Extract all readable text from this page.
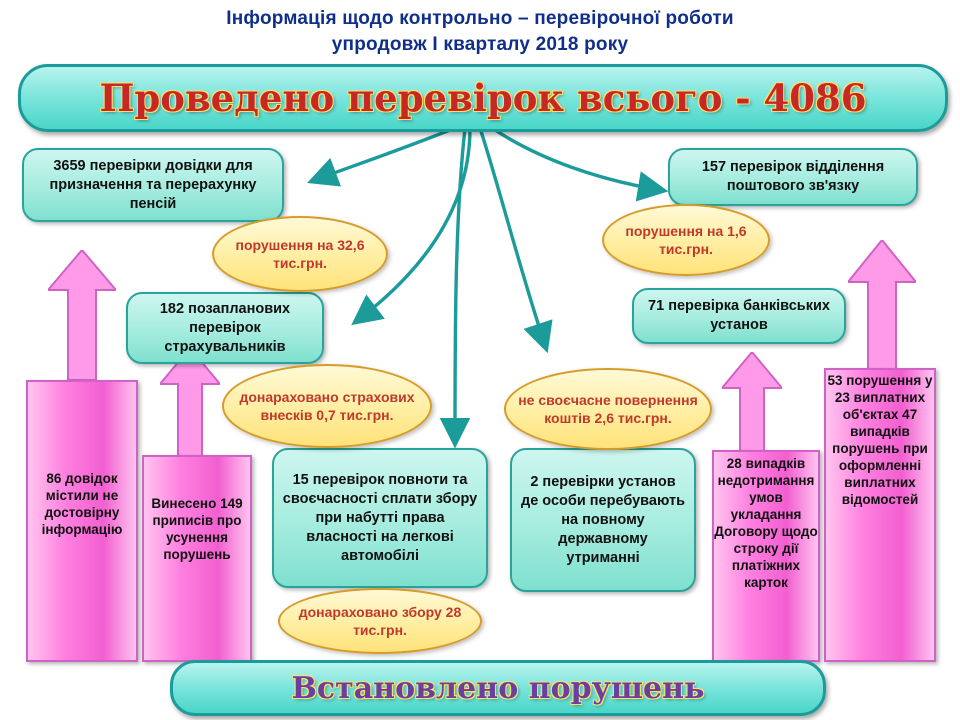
Інформація щодо контрольно – перевірочної роботи
упродовж І кварталу 2018 року
Проведено перевірок всього - 4086
86 довідок містили не достовірну інформацію
Винесено 149 приписів про усунення порушень
28 випадків недотримання умов укладання Договору щодо строку дії платіжних карток
53 порушення у 23 виплатних об'єктах 47 випадків порушень при оформленні виплатних відомостей
3659 перевірки довідки для призначення та перерахунку пенсій
157 перевірок відділення поштового зв'язку
182 позапланових перевірок страхувальників
71 перевірка банківських установ
15 перевірок повноти та своєчасності сплати збору при набутті права власності на легкові автомобілі
2 перевірки установ де особи перебувають на повному державному утриманні
порушення на 32,6 тис.грн.
порушення на 1,6 тис.грн.
донараховано страхових внесків 0,7 тис.грн.
не своєчасне повернення коштів 2,6 тис.грн.
донараховано збору 28 тис.грн.
Встановлено порушень
